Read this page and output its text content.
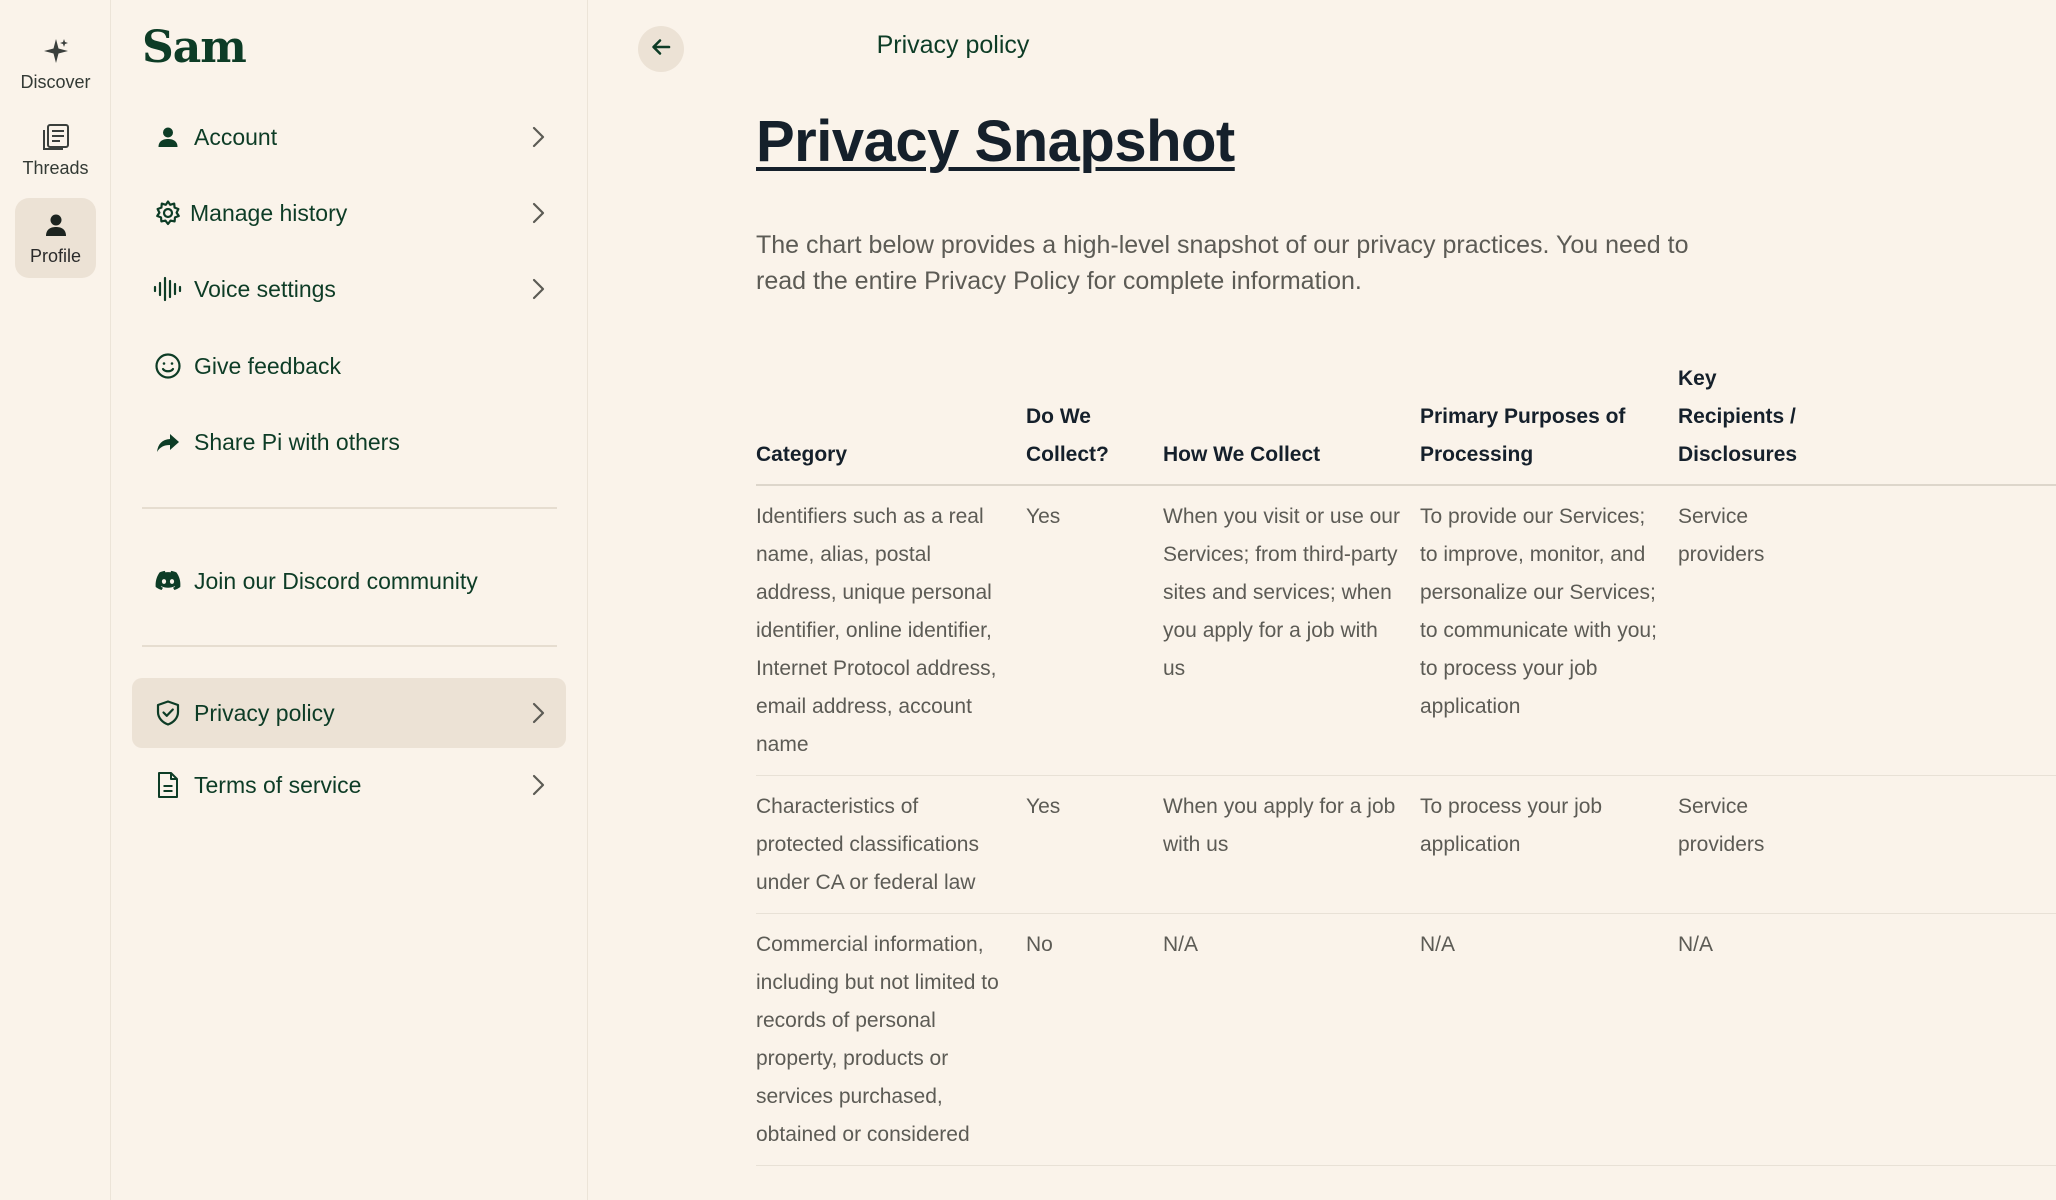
Discover
Threads
Profile
Sam
Account
Manage history
Voice settings
Give feedback
Share Pi with others
Join our Discord community
Privacy policy
Terms of service
Privacy policy
Privacy Snapshot

The chart below provides a high-level snapshot of our privacy practices. You need to read the entire Privacy Policy for complete information.

Category	Do We Collect?	How We Collect	Primary Purposes of Processing	Key Recipients / Disclosures
Identifiers such as a real name, alias, postal address, unique personal identifier, online identifier, Internet Protocol address, email address, account name	Yes	When you visit or use our Services; from third-party sites and services; when you apply for a job with us	To provide our Services; to improve, monitor, and personalize our Services; to communicate with you; to process your job application	Service providers
Characteristics of protected classifications under CA or federal law	Yes	When you apply for a job with us	To process your job application	Service providers
Commercial information, including but not limited to records of personal property, products or services purchased, obtained or considered	No	N/A	N/A	N/A
